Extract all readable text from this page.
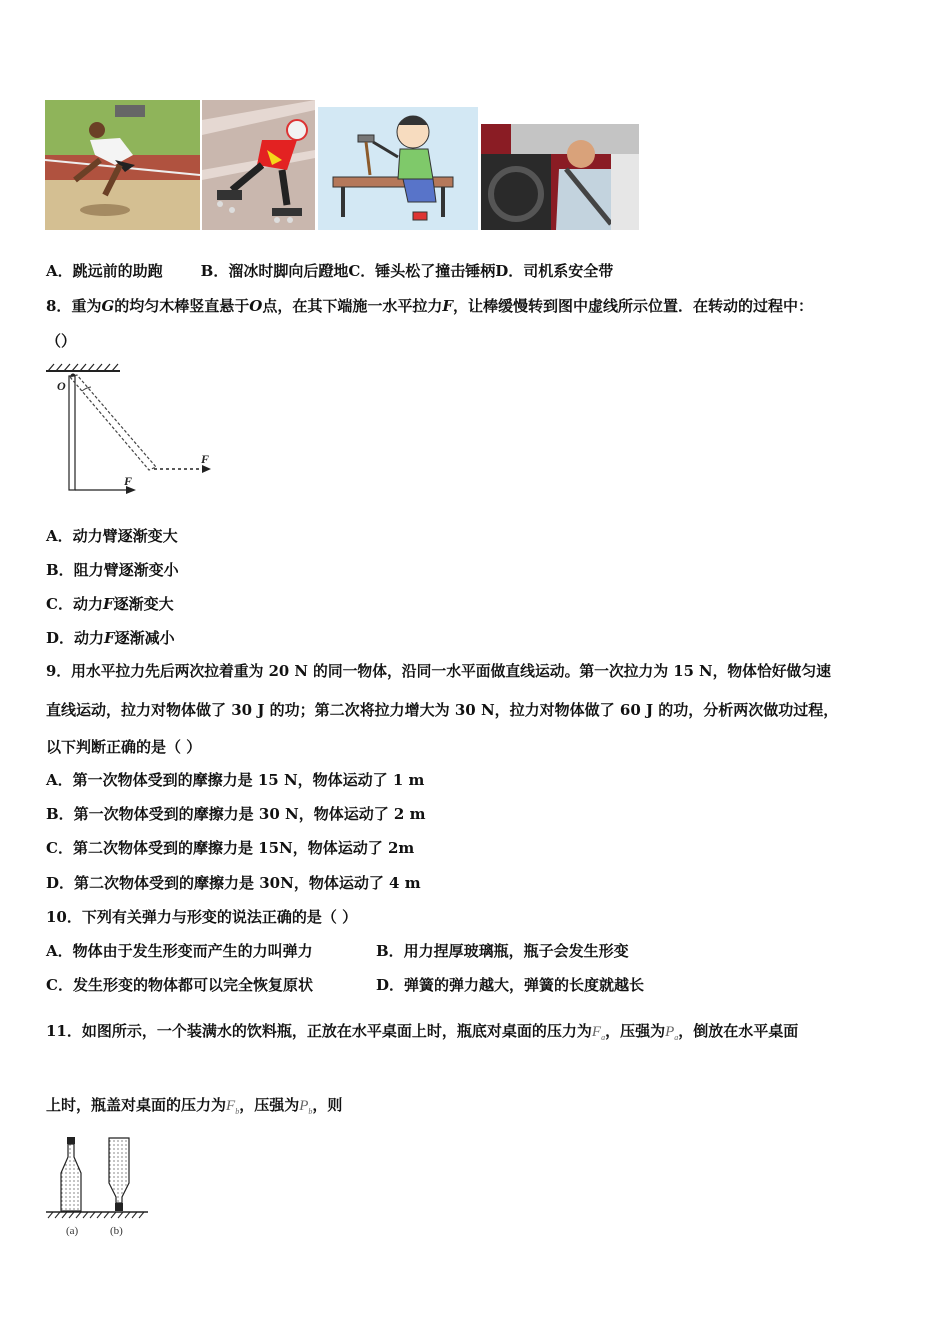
A．跳远前的助跑	B．溜冰时脚向后蹬地C．锤头松了撞击锤柄D．司机系安全带
8．重为G的均匀木棒竖直悬于O点，在其下端施一水平拉力F，让棒缓慢转到图中虚线所示位置．在转动的过程中：
（）
O
F
F
A．动力臂逐渐变大
B．阻力臂逐渐变小
C．动力F逐渐变大
D．动力F逐渐减小
9．用水平拉力先后两次拉着重为 20 N 的同一物体，沿同一水平面做直线运动。第一次拉力为 15 N，物体恰好做匀速
直线运动，拉力对物体做了 30 J 的功；第二次将拉力增大为 30 N，拉力对物体做了 60 J 的功，分析两次做功过程，
以下判断正确的是（ ）
A．第一次物体受到的摩擦力是 15 N，物体运动了 1 m
B．第一次物体受到的摩擦力是 30 N，物体运动了 2 m
C．第二次物体受到的摩擦力是 15N，物体运动了 2m
D．第二次物体受到的摩擦力是 30N，物体运动了 4 m
10．下列有关弹力与形变的说法正确的是（ ）
A．物体由于发生形变而产生的力叫弹力	B．用力捏厚玻璃瓶，瓶子会发生形变
C．发生形变的物体都可以完全恢复原状	D．弹簧的弹力越大，弹簧的长度就越长
11．如图所示，一个装满水的饮料瓶，正放在水平桌面上时，瓶底对桌面的压力为$F_a$，压强为$P_a$，倒放在水平桌面
上时，瓶盖对桌面的压力为$F_b$，压强为$P_b$，则
(a)	(b)
